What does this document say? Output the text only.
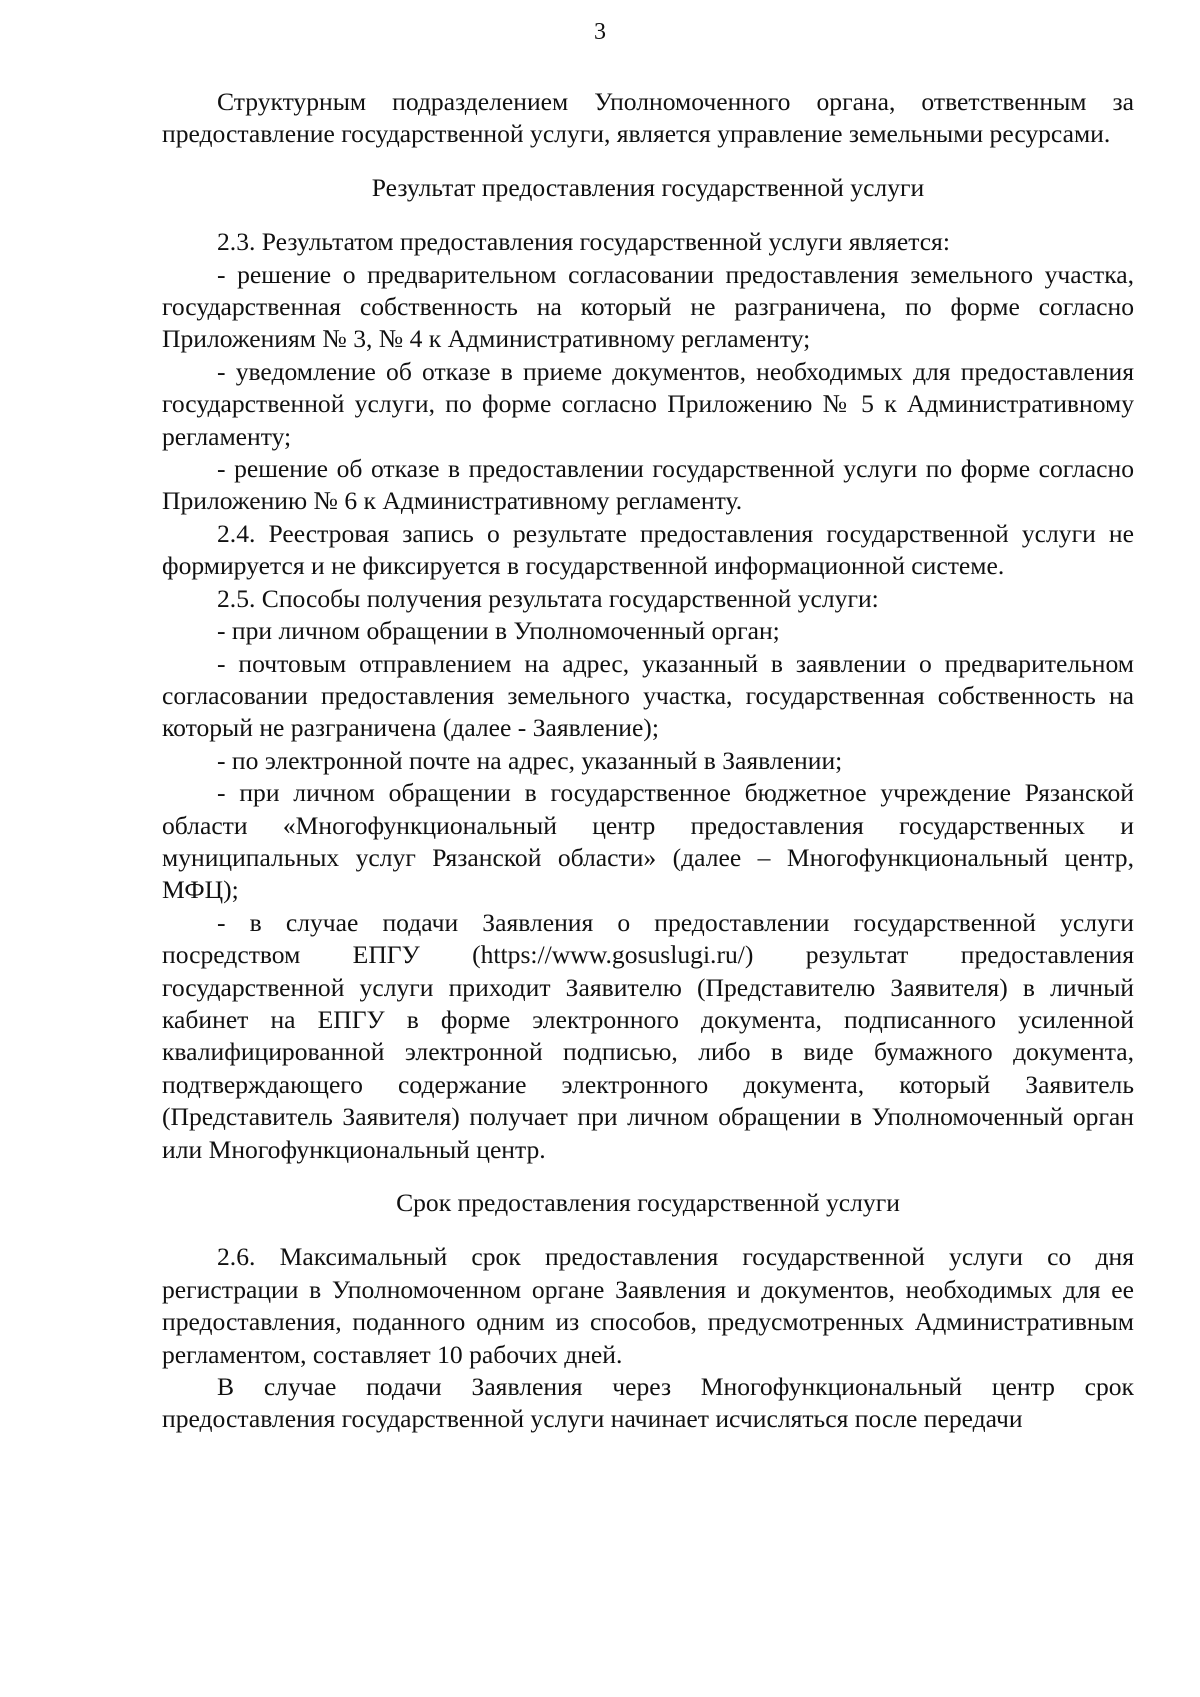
3

Структурным подразделением Уполномоченного органа, ответственным за предоставление государственной услуги, является управление земельными ресурсами.

Результат предоставления государственной услуги

2.3. Результатом предоставления государственной услуги является:

- решение о предварительном согласовании предоставления земельного участка, государственная собственность на который не разграничена, по форме согласно Приложениям № 3, № 4 к Административному регламенту;

- уведомление об отказе в приеме документов, необходимых для предоставления государственной услуги, по форме согласно Приложению № 5 к Административному регламенту;

- решение об отказе в предоставлении государственной услуги по форме согласно Приложению № 6 к Административному регламенту.

2.4. Реестровая запись о результате предоставления государственной услуги не формируется и не фиксируется в государственной информационной системе.

2.5. Способы получения результата государственной услуги:

- при личном обращении в Уполномоченный орган;

- почтовым отправлением на адрес, указанный в заявлении о предварительном согласовании предоставления земельного участка, государственная собственность на который не разграничена (далее - Заявление);

- по электронной почте на адрес, указанный в Заявлении;

- при личном обращении в государственное бюджетное учреждение Рязанской области «Многофункциональный центр предоставления государственных и муниципальных услуг Рязанской области» (далее – Многофункциональный центр, МФЦ);

- в случае подачи Заявления о предоставлении государственной услуги посредством ЕПГУ (https://www.gosuslugi.ru/) результат предоставления государственной услуги приходит Заявителю (Представителю Заявителя) в личный кабинет на ЕПГУ в форме электронного документа, подписанного усиленной квалифицированной электронной подписью, либо в виде бумажного документа, подтверждающего содержание электронного документа, который Заявитель (Представитель Заявителя) получает при личном обращении в Уполномоченный орган или Многофункциональный центр.

Срок предоставления государственной услуги

2.6. Максимальный срок предоставления государственной услуги со дня регистрации в Уполномоченном органе Заявления и документов, необходимых для ее предоставления, поданного одним из способов, предусмотренных Административным регламентом, составляет 10 рабочих дней.

В случае подачи Заявления через Многофункциональный центр срок предоставления государственной услуги начинает исчисляться после передачи
